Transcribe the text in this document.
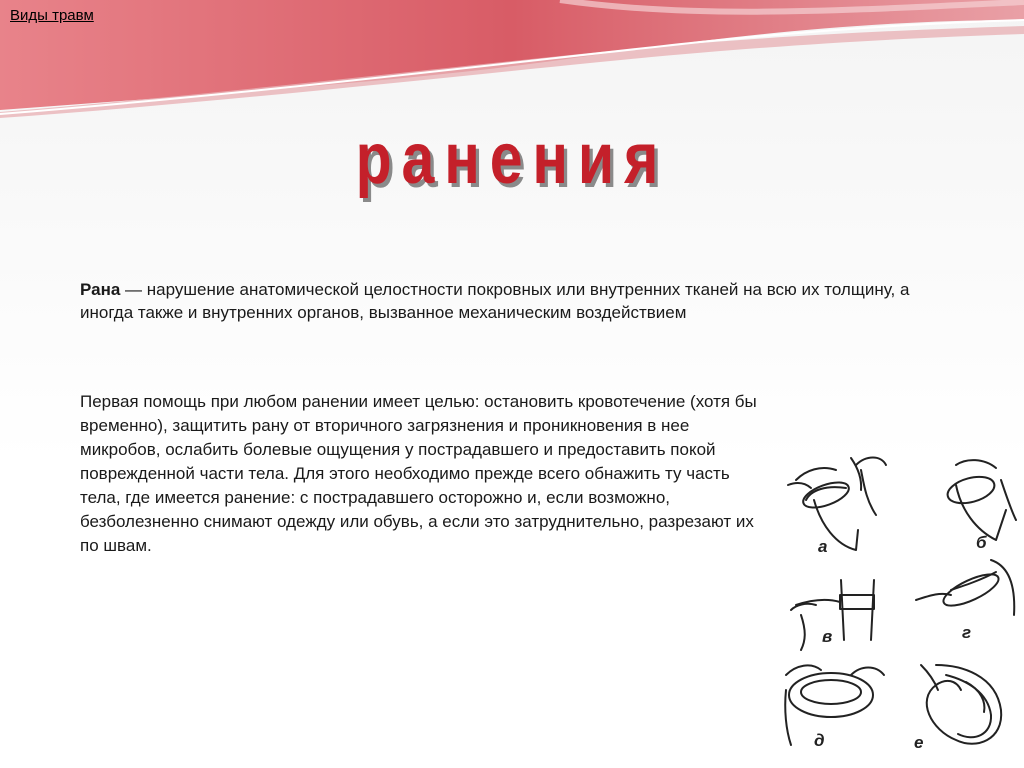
Виды травм
ранения
Рана — нарушение анатомической целостности покровных или внутренних тканей на всю их толщину, а иногда также и внутренних органов, вызванное механическим воздействием
Первая помощь при любом ранении имеет целью: остановить кровотечение (хотя бы временно), защитить рану от вторичного загрязнения и проникновения в нее микробов, ослабить болевые ощущения у пострадавшего и предоставить покой поврежденной части тела. Для этого необходимо прежде всего обнажить ту часть тела, где имеется ранение: с пострадавшего осторожно и, если возможно, безболезненно снимают одежду или обувь, а если это затруднительно, разрезают их по швам.	а	б
в	г
д	е
